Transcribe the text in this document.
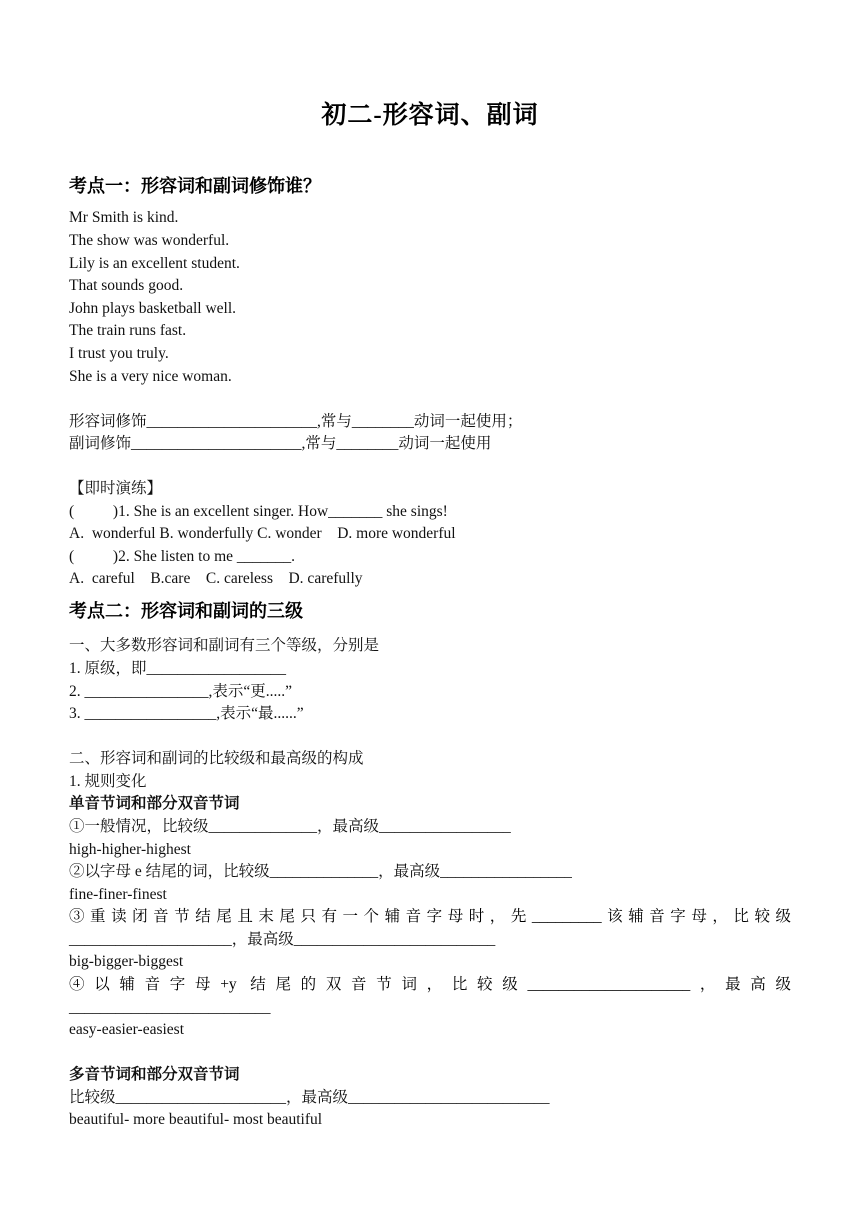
初二-形容词、副词
考点一：形容词和副词修饰谁？
Mr Smith is kind.
The show was wonderful.
Lily is an excellent student.
That sounds good.
John plays basketball well.
The train runs fast.
I trust you truly.
She is a very nice woman.
形容词修饰______________________,常与________动词一起使用；
副词修饰______________________,常与________动词一起使用
【即时演练】
(          )1. She is an excellent singer. How_______ she sings!
A.  wonderful B. wonderfully C. wonder    D. more wonderful
(          )2. She listen to me _______.
A.  careful    B.care    C. careless    D. carefully
考点二：形容词和副词的三级
一、大多数形容词和副词有三个等级，分别是
1. 原级，即__________________
2. ________________,表示“更.....”
3. _________________,表示“最......”
二、形容词和副词的比较级和最高级的构成
1. 规则变化
单音节词和部分双音节词
①一般情况，比较级______________，最高级_________________
high-higher-highest
②以字母 e 结尾的词，比较级______________，最高级_________________
fine-finer-finest
③重读闭音节结尾且末尾只有一个辅音字母时，先_________该辅音字母，比较级
_____________________，最高级__________________________
big-bigger-biggest
④以辅音字母+y 结尾的双音节词，比较级_____________________，最高级
__________________________
easy-easier-easiest
多音节词和部分双音节词
比较级______________________，最高级__________________________
beautiful- more beautiful- most beautiful
